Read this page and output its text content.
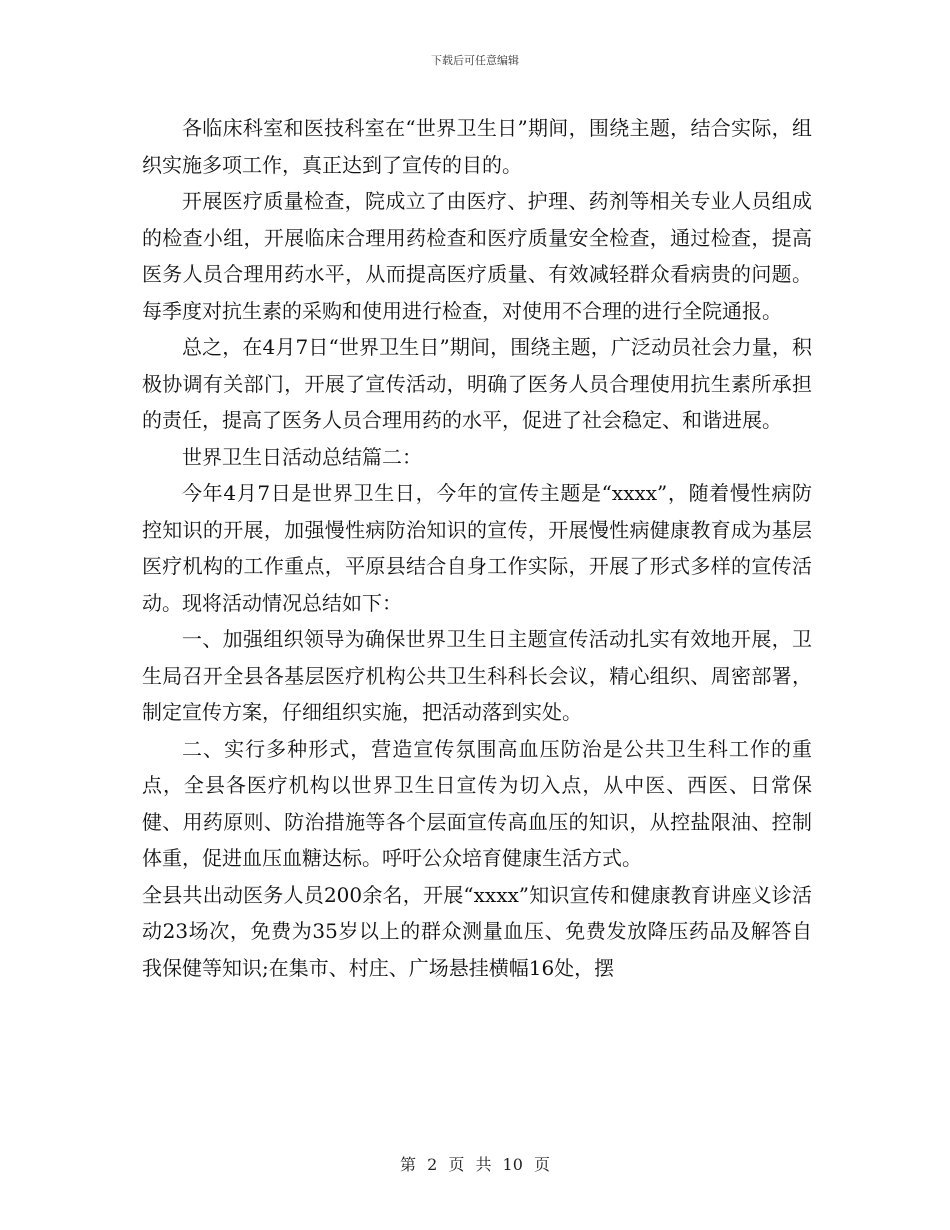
下载后可任意编辑

各临床科室和医技科室在“世界卫生日”期间，围绕主题，结合实际，组织实施多项工作，真正达到了宣传的目的。

开展医疗质量检查，院成立了由医疗、护理、药剂等相关专业人员组成的检查小组，开展临床合理用药检查和医疗质量安全检查，通过检查，提高医务人员合理用药水平，从而提高医疗质量、有效减轻群众看病贵的问题。每季度对抗生素的采购和使用进行检查，对使用不合理的进行全院通报。

总之，在4月7日“世界卫生日”期间，围绕主题，广泛动员社会力量，积极协调有关部门，开展了宣传活动，明确了医务人员合理使用抗生素所承担的责任，提高了医务人员合理用药的水平，促进了社会稳定、和谐进展。

世界卫生日活动总结篇二：

今年4月7日是世界卫生日，今年的宣传主题是“xxxx”，随着慢性病防控知识的开展，加强慢性病防治知识的宣传，开展慢性病健康教育成为基层医疗机构的工作重点，平原县结合自身工作实际，开展了形式多样的宣传活动。现将活动情况总结如下：

一、加强组织领导为确保世界卫生日主题宣传活动扎实有效地开展，卫生局召开全县各基层医疗机构公共卫生科科长会议，精心组织、周密部署，制定宣传方案，仔细组织实施，把活动落到实处。

二、实行多种形式，营造宣传氛围高血压防治是公共卫生科工作的重点，全县各医疗机构以世界卫生日宣传为切入点，从中医、西医、日常保健、用药原则、防治措施等各个层面宣传高血压的知识，从控盐限油、控制体重，促进血压血糖达标。呼吁公众培育健康生活方式。

全县共出动医务人员200余名，开展“xxxx”知识宣传和健康教育讲座义诊活动23场次，免费为35岁以上的群众测量血压、免费发放降压药品及解答自我保健等知识;在集市、村庄、广场悬挂横幅16处，摆

第 2 页 共 10 页
